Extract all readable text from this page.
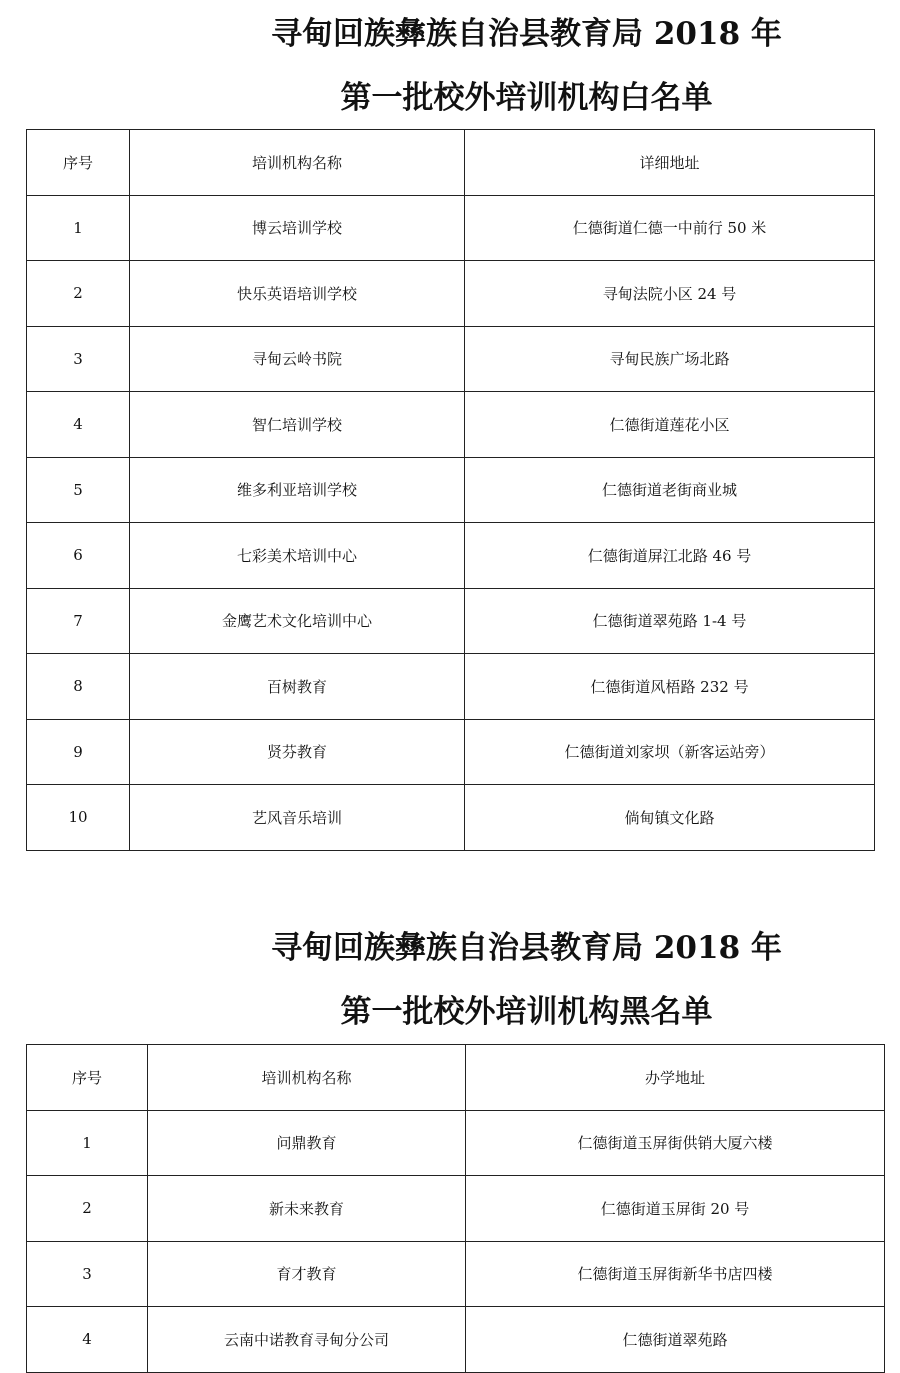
寻甸回族彝族自治县教育局 2018 年
第一批校外培训机构白名单
序号	培训机构名称	详细地址
1	博云培训学校	仁德街道仁德一中前行 50 米
2	快乐英语培训学校	寻甸法院小区 24 号
3	寻甸云岭书院	寻甸民族广场北路
4	智仁培训学校	仁德街道莲花小区
5	维多利亚培训学校	仁德街道老街商业城
6	七彩美术培训中心	仁德街道屏江北路 46 号
7	金鹰艺术文化培训中心	仁德街道翠苑路 1-4 号
8	百树教育	仁德街道风梧路 232 号
9	贤芬教育	仁德街道刘家坝（新客运站旁）
10	艺风音乐培训	倘甸镇文化路
寻甸回族彝族自治县教育局 2018 年
第一批校外培训机构黑名单
序号	培训机构名称	办学地址
1	问鼎教育	仁德街道玉屏街供销大厦六楼
2	新未来教育	仁德街道玉屏街 20 号
3	育才教育	仁德街道玉屏街新华书店四楼
4	云南中诺教育寻甸分公司	仁德街道翠苑路
